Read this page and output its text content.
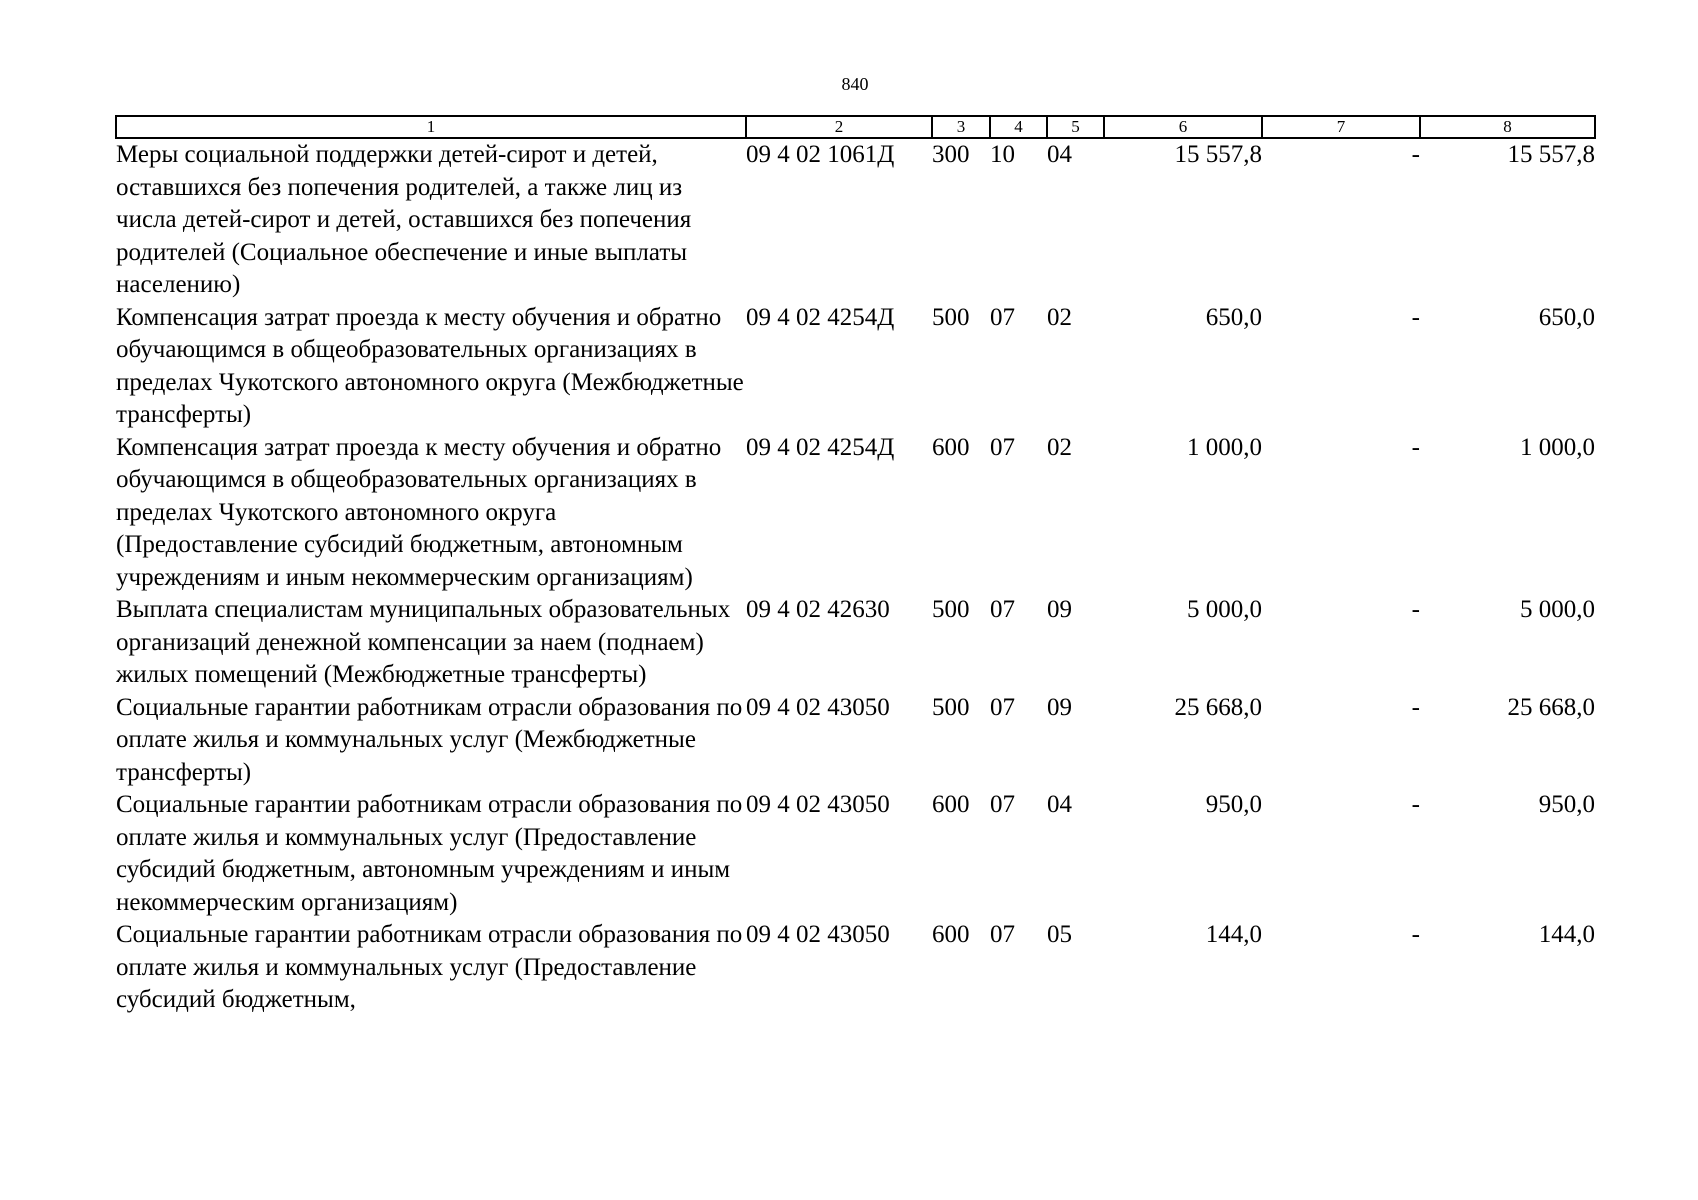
840
1	2	3	4	5	6	7	8
Меры социальной поддержки детей-сирот и детей, оставшихся без попечения родителей, а также лиц из числа детей-сирот и детей, оставшихся без попечения родителей (Социальное обеспечение и иные выплаты населению)	09 4 02 1061Д	300	10	04	15 557,8	-	15 557,8
Компенсация затрат проезда к месту обучения и обратно обучающимся в общеобразовательных организациях в пределах Чукотского автономного округа (Межбюджетные трансферты)	09 4 02 4254Д	500	07	02	650,0	-	650,0
Компенсация затрат проезда к месту обучения и обратно обучающимся в общеобразовательных организациях в пределах Чукотского автономного округа (Предоставление субсидий бюджетным, автономным учреждениям и иным некоммерческим организациям)	09 4 02 4254Д	600	07	02	1 000,0	-	1 000,0
Выплата специалистам муниципальных образовательных организаций денежной компенсации за наем (поднаем) жилых помещений (Межбюджетные трансферты)	09 4 02 42630	500	07	09	5 000,0	-	5 000,0
Социальные гарантии работникам отрасли образования по оплате жилья и коммунальных услуг (Межбюджетные трансферты)	09 4 02 43050	500	07	09	25 668,0	-	25 668,0
Социальные гарантии работникам отрасли образования по оплате жилья и коммунальных услуг (Предоставление субсидий бюджетным, автономным учреждениям и иным некоммерческим организациям)	09 4 02 43050	600	07	04	950,0	-	950,0
Социальные гарантии работникам отрасли образования по оплате жилья и коммунальных услуг (Предоставление субсидий бюджетным,	09 4 02 43050	600	07	05	144,0	-	144,0
